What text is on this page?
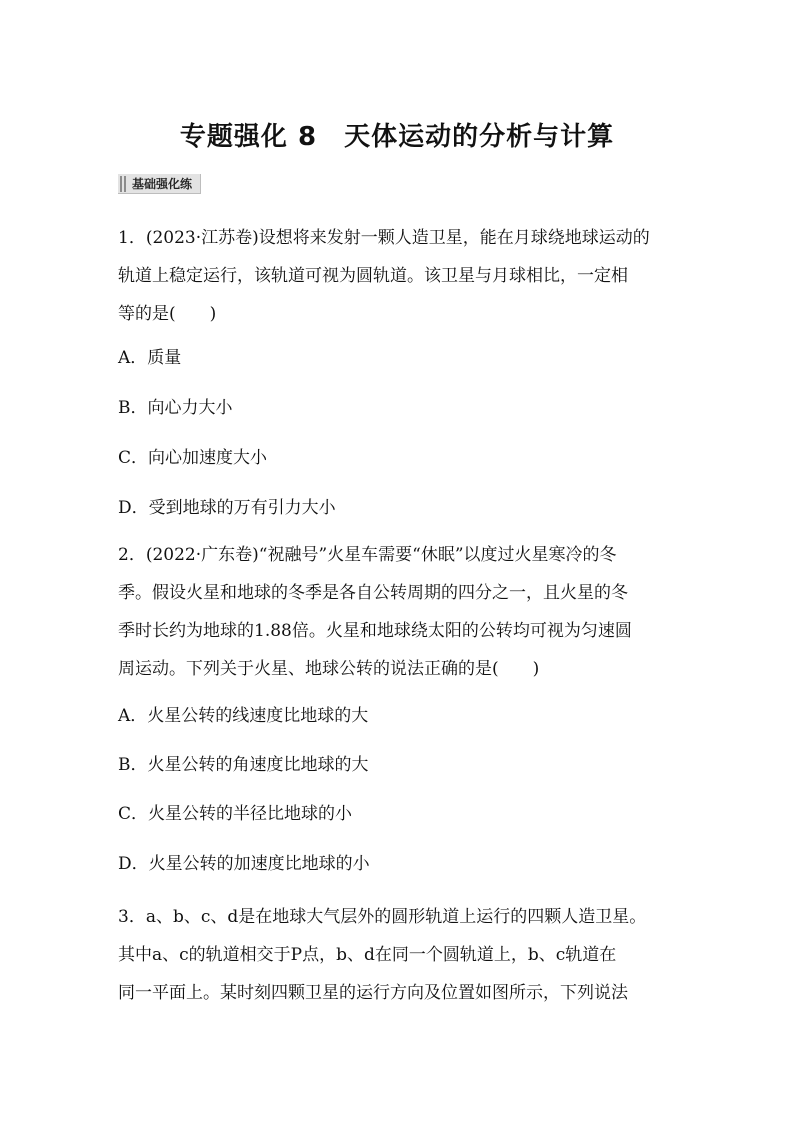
专题强化 8　天体运动的分析与计算
基础强化练
1．(2023·江苏卷)设想将来发射一颗人造卫星，能在月球绕地球运动的
轨道上稳定运行，该轨道可视为圆轨道。该卫星与月球相比，一定相
等的是(　　)
A．质量
B．向心力大小
C．向心加速度大小
D．受到地球的万有引力大小
2．(2022·广东卷)“祝融号”火星车需要“休眠”以度过火星寒冷的冬
季。假设火星和地球的冬季是各自公转周期的四分之一，且火星的冬
季时长约为地球的1.88倍。火星和地球绕太阳的公转均可视为匀速圆
周运动。下列关于火星、地球公转的说法正确的是(　　)
A．火星公转的线速度比地球的大
B．火星公转的角速度比地球的大
C．火星公转的半径比地球的小
D．火星公转的加速度比地球的小
3．a、b、c、d是在地球大气层外的圆形轨道上运行的四颗人造卫星。
其中a、c的轨道相交于P点，b、d在同一个圆轨道上，b、c轨道在
同一平面上。某时刻四颗卫星的运行方向及位置如图所示，下列说法
